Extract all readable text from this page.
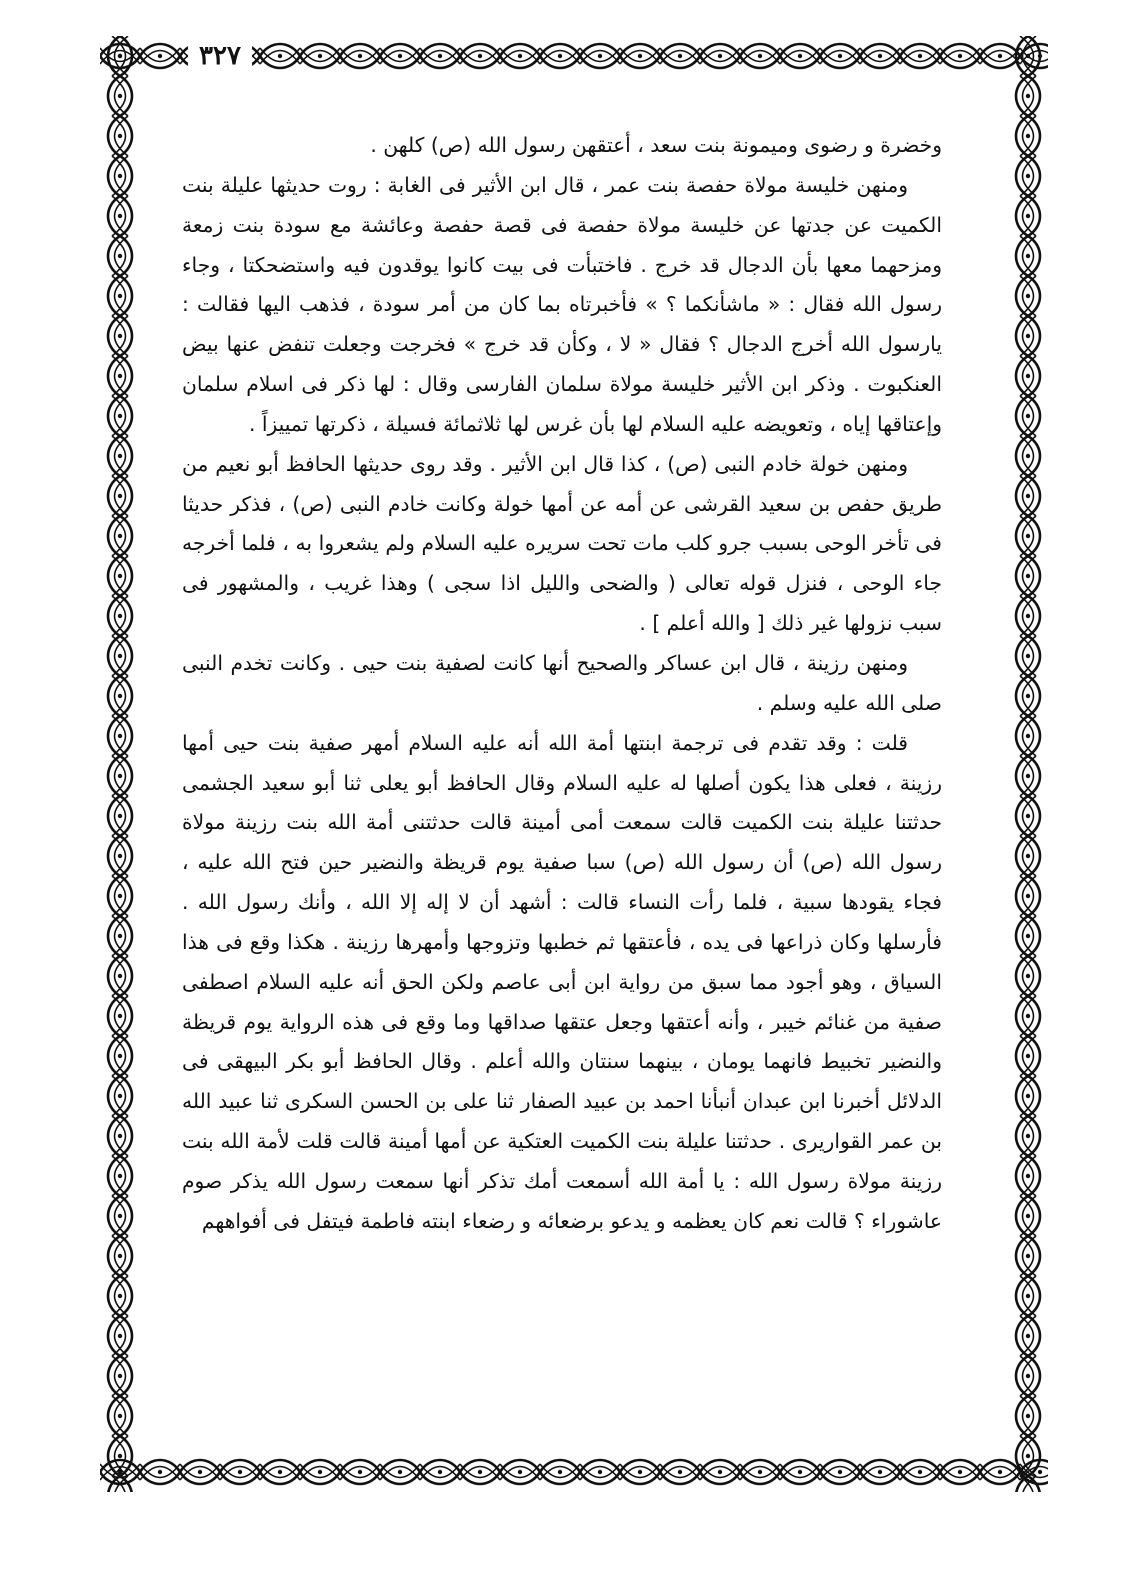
٣٢٧

وخضرة و رضوى وميمونة بنت سعد ، أعتقهن رسول الله (ص) كلهن .

ومنهن خليسة مولاة حفصة بنت عمر ، قال ابن الأثير فى الغابة : روت حديثها عليلة بنت الكميت عن جدتها عن خليسة مولاة حفصة فى قصة حفصة وعائشة مع سودة بنت زمعة ومزحهما معها بأن الدجال قد خرج . فاختبأت فى بيت كانوا يوقدون فيه واستضحكتا ، وجاء رسول الله فقال : « ماشأنكما ؟ » فأخبرتاه بما كان من أمر سودة ، فذهب اليها فقالت : يارسول الله أخرج الدجال ؟ فقال « لا ، وكأن قد خرج » فخرجت وجعلت تنفض عنها بيض العنكبوت . وذكر ابن الأثير خليسة مولاة سلمان الفارسى وقال : لها ذكر فى اسلام سلمان وإعتاقها إياه ، وتعويضه عليه السلام لها بأن غرس لها ثلاثمائة فسيلة ، ذكرتها تمييزاً .

ومنهن خولة خادم النبى (ص) ، كذا قال ابن الأثير . وقد روى حديثها الحافظ أبو نعيم من طريق حفص بن سعيد القرشى عن أمه عن أمها خولة وكانت خادم النبى (ص) ، فذكر حديثا فى تأخر الوحى بسبب جرو كلب مات تحت سريره عليه السلام ولم يشعروا به ، فلما أخرجه جاء الوحى ، فنزل قوله تعالى ( والضحى والليل اذا سجى ) وهذا غريب ، والمشهور فى سبب نزولها غير ذلك [ والله أعلم ] .

ومنهن رزينة ، قال ابن عساكر والصحيح أنها كانت لصفية بنت حيى . وكانت تخدم النبى صلى الله عليه وسلم .

قلت : وقد تقدم فى ترجمة ابنتها أمة الله أنه عليه السلام أمهر صفية بنت حيى أمها رزينة ، فعلى هذا يكون أصلها له عليه السلام وقال الحافظ أبو يعلى ثنا أبو سعيد الجشمى حدثتنا عليلة بنت الكميت قالت سمعت أمى أمينة قالت حدثتنى أمة الله بنت رزينة مولاة رسول الله (ص) أن رسول الله (ص) سبا صفية يوم قريظة والنضير حين فتح الله عليه ، فجاء يقودها سبية ، فلما رأت النساء قالت : أشهد أن لا إله إلا الله ، وأنك رسول الله . فأرسلها وكان ذراعها فى يده ، فأعتقها ثم خطبها وتزوجها وأمهرها رزينة . هكذا وقع فى هذا السياق ، وهو أجود مما سبق من رواية ابن أبى عاصم ولكن الحق أنه عليه السلام اصطفى صفية من غنائم خيبر ، وأنه أعتقها وجعل عتقها صداقها وما وقع فى هذه الرواية يوم قريظة والنضير تخبيط فانهما يومان ، بينهما سنتان والله أعلم . وقال الحافظ أبو بكر البيهقى فى الدلائل أخبرنا ابن عبدان أنبأنا احمد بن عبيد الصفار ثنا على بن الحسن السكرى ثنا عبيد الله بن عمر القواريرى . حدثتنا عليلة بنت الكميت العتكية عن أمها أمينة قالت قلت لأمة الله بنت رزينة مولاة رسول الله : يا أمة الله أسمعت أمك تذكر أنها سمعت رسول الله يذكر صوم عاشوراء ؟ قالت نعم كان يعظمه و يدعو برضعائه و رضعاء ابنته فاطمة فيتفل فى أفواههم
